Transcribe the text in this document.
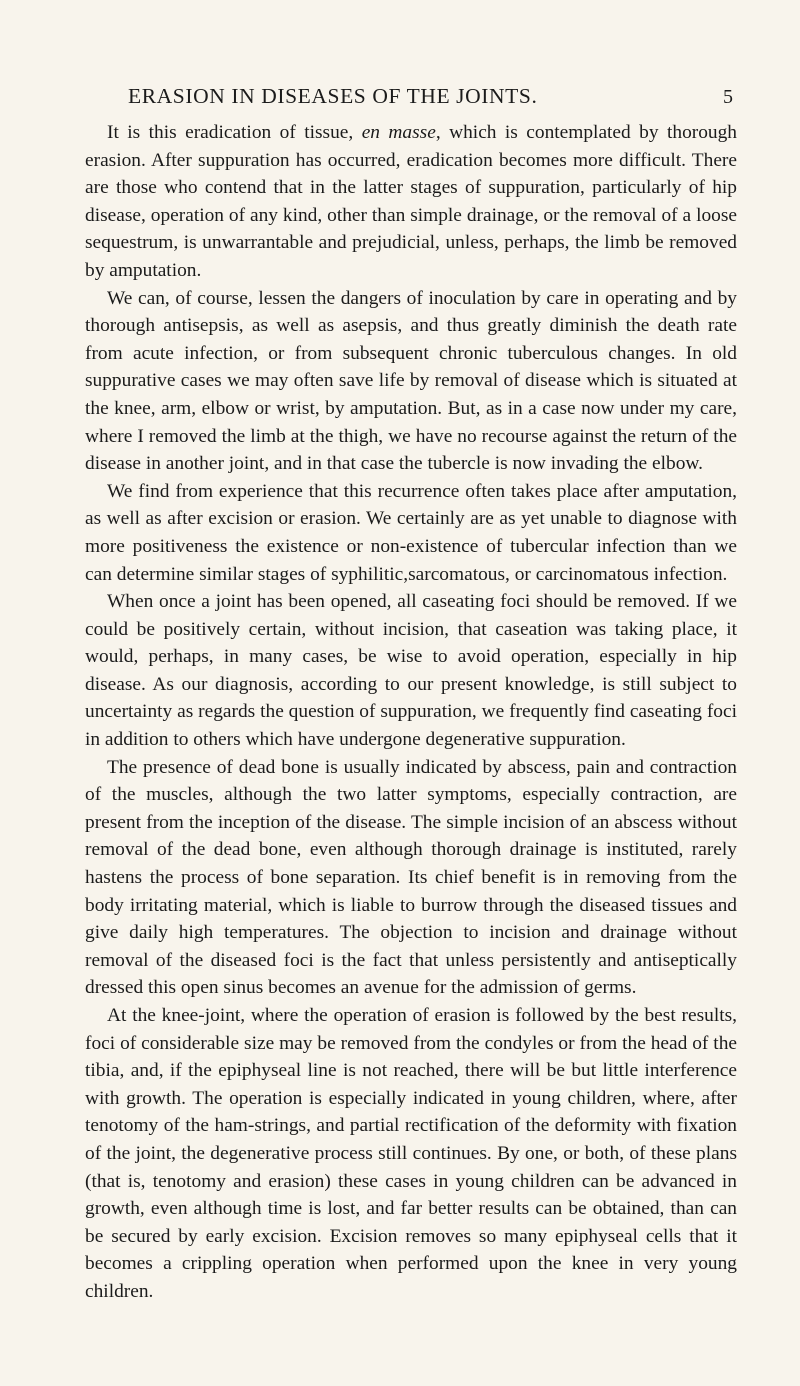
ERASION IN DISEASES OF THE JOINTS.	5

It is this eradication of tissue, en masse, which is contemplated by thorough erasion. After suppuration has occurred, eradication becomes more difficult. There are those who contend that in the latter stages of suppuration, particularly of hip disease, operation of any kind, other than simple drainage, or the removal of a loose sequestrum, is unwarrantable and prejudicial, unless, perhaps, the limb be removed by amputation.

We can, of course, lessen the dangers of inoculation by care in operating and by thorough antisepsis, as well as asepsis, and thus greatly diminish the death rate from acute infection, or from subsequent chronic tuberculous changes. In old suppurative cases we may often save life by removal of disease which is situated at the knee, arm, elbow or wrist, by amputation. But, as in a case now under my care, where I removed the limb at the thigh, we have no recourse against the return of the disease in another joint, and in that case the tubercle is now invading the elbow.

We find from experience that this recurrence often takes place after amputation, as well as after excision or erasion. We certainly are as yet unable to diagnose with more positiveness the existence or non-existence of tubercular infection than we can determine similar stages of syphilitic,sarcomatous, or carcinomatous infection.

When once a joint has been opened, all caseating foci should be removed. If we could be positively certain, without incision, that caseation was taking place, it would, perhaps, in many cases, be wise to avoid operation, especially in hip disease. As our diagnosis, according to our present knowledge, is still subject to uncertainty as regards the question of suppuration, we frequently find caseating foci in addition to others which have undergone degenerative suppuration.

The presence of dead bone is usually indicated by abscess, pain and contraction of the muscles, although the two latter symptoms, especially contraction, are present from the inception of the disease. The simple incision of an abscess without removal of the dead bone, even although thorough drainage is instituted, rarely hastens the process of bone separation. Its chief benefit is in removing from the body irritating material, which is liable to burrow through the diseased tissues and give daily high temperatures. The objection to incision and drainage without removal of the diseased foci is the fact that unless persistently and antiseptically dressed this open sinus becomes an avenue for the admission of germs.

At the knee-joint, where the operation of erasion is followed by the best results, foci of considerable size may be removed from the condyles or from the head of the tibia, and, if the epiphyseal line is not reached, there will be but little interference with growth. The operation is especially indicated in young children, where, after tenotomy of the ham-strings, and partial rectification of the deformity with fixation of the joint, the degenerative process still continues. By one, or both, of these plans (that is, tenotomy and erasion) these cases in young children can be advanced in growth, even although time is lost, and far better results can be obtained, than can be secured by early excision. Excision removes so many epiphyseal cells that it becomes a crippling operation when performed upon the knee in very young children.
